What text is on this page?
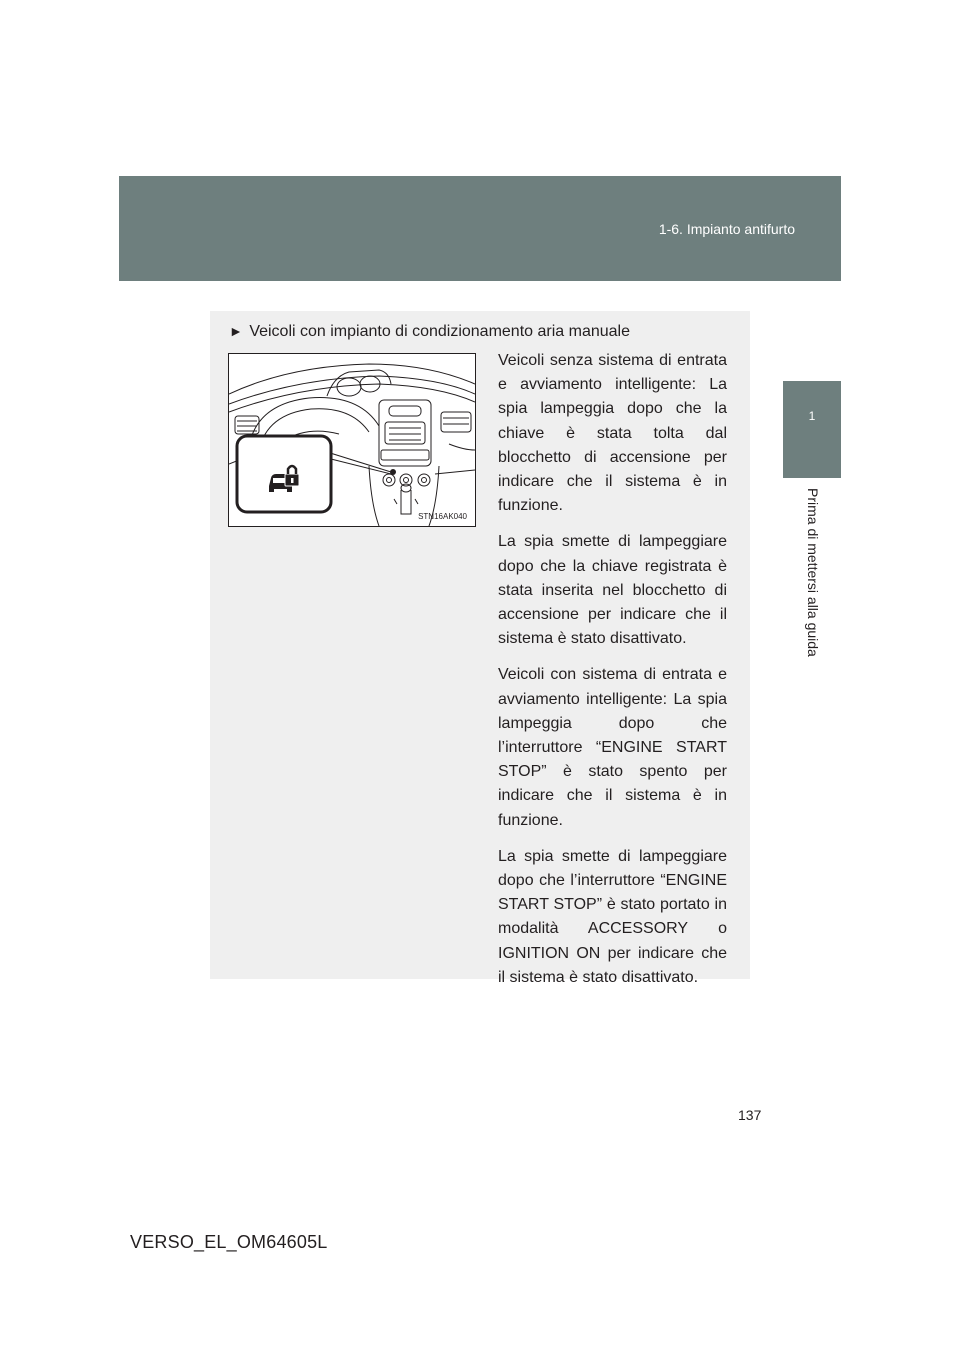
1-6. Impianto antifurto
1
Prima di mettersi alla guida
► Veicoli con impianto di condizionamento aria manuale
STN16AK040

Veicoli senza sistema di entrata e avviamento intelligente: La spia lampeggia dopo che la chiave è stata tolta dal blocchetto di accensione per indicare che il sistema è in funzione.

La spia smette di lampeggiare dopo che la chiave registrata è stata inserita nel blocchetto di accensione per indicare che il sistema è stato disattivato.

Veicoli con sistema di entrata e avviamento intelligente: La spia lampeggia dopo che l’interruttore “ENGINE START STOP” è stato spento per indicare che il sistema è in funzione.

La spia smette di lampeggiare dopo che l’interruttore “ENGINE START STOP” è stato portato in modalità ACCESSORY o IGNITION ON per indicare che il sistema è stato disattivato.

137
VERSO_EL_OM64605L
